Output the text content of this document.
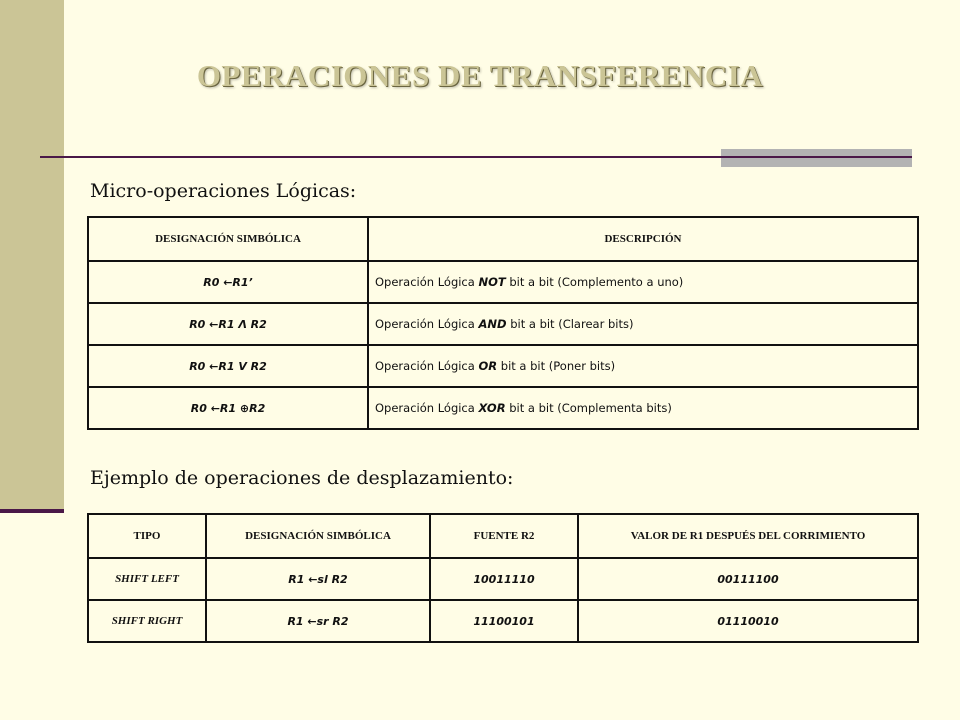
OPERACIONES DE TRANSFERENCIA
Micro-operaciones Lógicas:
DESIGNACIÓN SIMBÓLICA	DESCRIPCIÓN
R0 ←R1’	Operación Lógica NOT bit a bit (Complemento a uno)
R0 ←R1 Λ R2	Operación Lógica AND bit a bit (Clarear bits)
R0 ←R1 V R2	Operación Lógica OR bit a bit (Poner bits)
R0 ←R1 ⊕R2	Operación Lógica XOR bit a bit (Complementa bits)
Ejemplo de operaciones de desplazamiento:
TIPO	DESIGNACIÓN SIMBÓLICA	FUENTE R2	VALOR DE R1 DESPUÉS DEL CORRIMIENTO
SHIFT LEFT	R1 ←sl R2	10011110	00111100
SHIFT RIGHT	R1 ←sr R2	11100101	01110010
